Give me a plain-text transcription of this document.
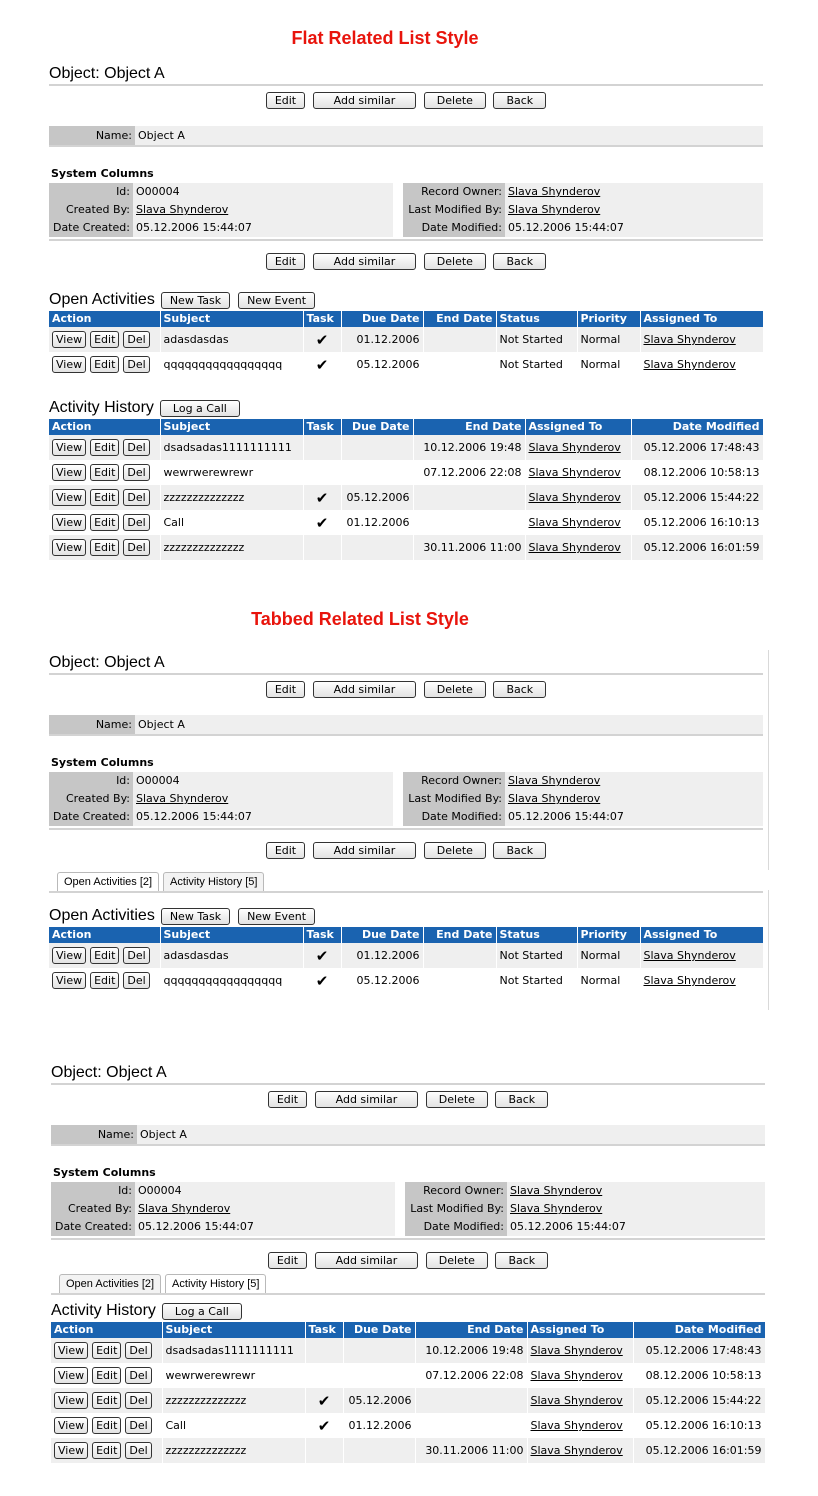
Flat Related List Style
Object: Object A
Edit	Add similar	Delete	Back
Name: Object A
System Columns
Id: O00004
Created By: Slava Shynderov
Date Created: 05.12.2006 15:44:07
Record Owner: Slava Shynderov
Last Modified By: Slava Shynderov
Date Modified: 05.12.2006 15:44:07
Edit	Add similar	Delete	Back
Open Activities	New Task	New Event
Action	Subject	Task	Due Date	End Date	Status	Priority	Assigned To
View Edit Del	adasdasdas	✔	01.12.2006		Not Started	Normal	Slava Shynderov
View Edit Del	qqqqqqqqqqqqqqqqq	✔	05.12.2006		Not Started	Normal	Slava Shynderov
Activity History	Log a Call
Action	Subject	Task	Due Date	End Date	Assigned To	Date Modified
View Edit Del	dsadsadas1111111111			10.12.2006 19:48	Slava Shynderov	05.12.2006 17:48:43
View Edit Del	wewrwerewrewr			07.12.2006 22:08	Slava Shynderov	08.12.2006 10:58:13
View Edit Del	zzzzzzzzzzzzzz	✔	05.12.2006		Slava Shynderov	05.12.2006 15:44:22
View Edit Del	Call	✔	01.12.2006		Slava Shynderov	05.12.2006 16:10:13
View Edit Del	zzzzzzzzzzzzzz			30.11.2006 11:00	Slava Shynderov	05.12.2006 16:01:59
Tabbed Related List Style
Object: Object A
Edit	Add similar	Delete	Back
Name: Object A
System Columns
Id: O00004
Created By: Slava Shynderov
Date Created: 05.12.2006 15:44:07
Record Owner: Slava Shynderov
Last Modified By: Slava Shynderov
Date Modified: 05.12.2006 15:44:07
Edit	Add similar	Delete	Back
Open Activities [2]	Activity History [5]
Open Activities	New Task	New Event
Action	Subject	Task	Due Date	End Date	Status	Priority	Assigned To
View Edit Del	adasdasdas	✔	01.12.2006		Not Started	Normal	Slava Shynderov
View Edit Del	qqqqqqqqqqqqqqqqq	✔	05.12.2006		Not Started	Normal	Slava Shynderov
Object: Object A
Edit	Add similar	Delete	Back
Name: Object A
System Columns
Id: O00004
Created By: Slava Shynderov
Date Created: 05.12.2006 15:44:07
Record Owner: Slava Shynderov
Last Modified By: Slava Shynderov
Date Modified: 05.12.2006 15:44:07
Edit	Add similar	Delete	Back
Open Activities [2]	Activity History [5]
Activity History	Log a Call
Action	Subject	Task	Due Date	End Date	Assigned To	Date Modified
View Edit Del	dsadsadas1111111111			10.12.2006 19:48	Slava Shynderov	05.12.2006 17:48:43
View Edit Del	wewrwerewrewr			07.12.2006 22:08	Slava Shynderov	08.12.2006 10:58:13
View Edit Del	zzzzzzzzzzzzzz	✔	05.12.2006		Slava Shynderov	05.12.2006 15:44:22
View Edit Del	Call	✔	01.12.2006		Slava Shynderov	05.12.2006 16:10:13
View Edit Del	zzzzzzzzzzzzzz			30.11.2006 11:00	Slava Shynderov	05.12.2006 16:01:59
